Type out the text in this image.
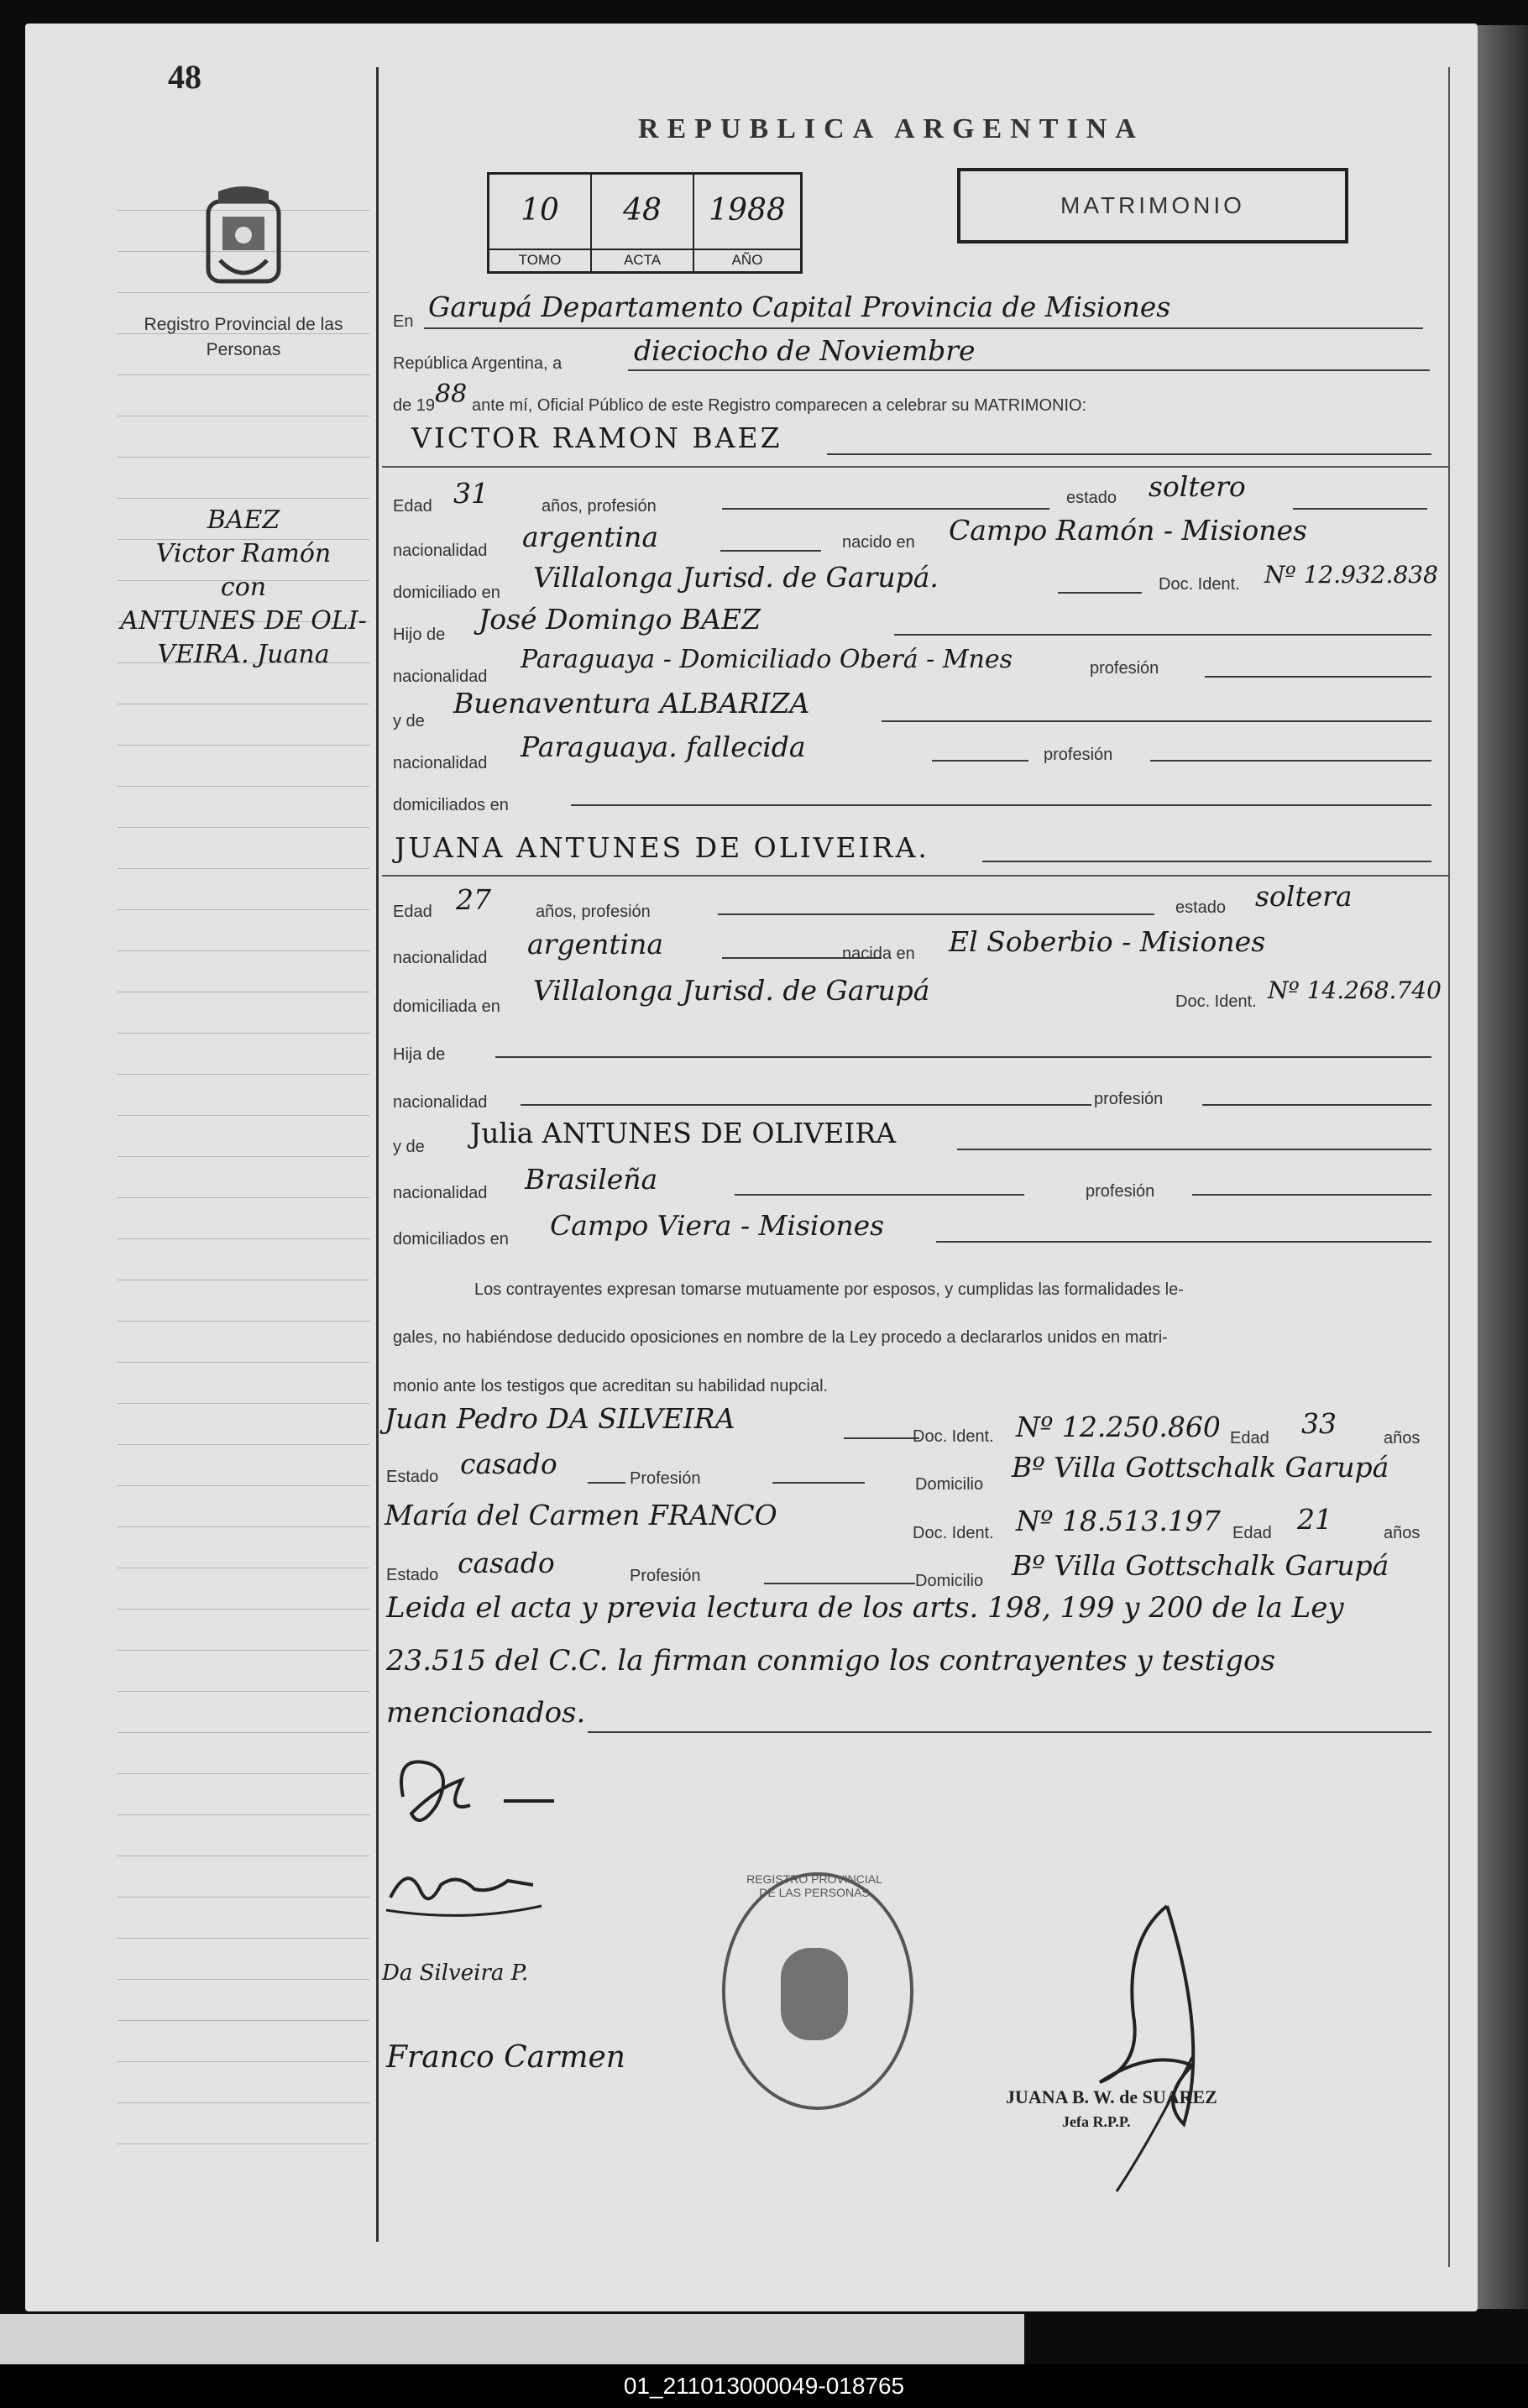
01_211013000049-018765
48
Registro Provincial de las Personas
BAEZ
Victor Ramón
con
ANTUNES DE OLI-
VEIRA. Juana
REPUBLICA ARGENTINA
10
TOMO
48
ACTA
1988
AÑO
MATRIMONIO
En Garupá Departamento Capital Provincia de Misiones
República Argentina, a	dieciocho de Noviembre
de 19 88 ante mí, Oficial Público de este Registro comparecen a celebrar su MATRIMONIO:
VICTOR RAMON BAEZ
Edad 31	años, profesión	estado soltero
nacionalidad argentina	nacido en Campo Ramón - Misiones
domiciliado en Villalonga Jurisd. de Garupá.	Doc. Ident. Nº 12.932.838
Hijo de José Domingo BAEZ
nacionalidad
Paraguaya - Domiciliado Oberá - Mnes	profesión
y de
Buenaventura ALBARIZA
nacionalidad Paraguaya. fallecida	profesión
domiciliados en
JUANA ANTUNES DE OLIVEIRA.
Edad 27	años, profesión	estado soltera
nacionalidad argentina	nacida en El Soberbio - Misiones
domiciliada en Villalonga Jurisd. de Garupá	Doc. Ident. Nº 14.268.740
Hija de
nacionalidad	profesión
y de Julia ANTUNES DE OLIVEIRA
nacionalidad Brasileña	profesión
domiciliados en Campo Viera - Misiones
Los contrayentes expresan tomarse mutuamente por esposos, y cumplidas las formalidades le-
gales, no habiéndose deducido oposiciones en nombre de la Ley procedo a declararlos unidos en matri-
monio ante los testigos que acreditan su habilidad nupcial.
Juan Pedro DA SILVEIRA
Doc. Ident. Nº 12.250.860 Edad 33	años
Estado casado	Profesión	Domicilio
Bº Villa Gottschalk Garupá
María del Carmen FRANCO
Doc. Ident. Nº 18.513.197 Edad 21	años
Estado casado	Profesión	Domicilio Bº Villa Gottschalk Garupá
Leida el acta y previa lectura de los arts. 198, 199 y 200 de la Ley
23.515 del C.C. la firman conmigo los contrayentes y testigos
mencionados.
Da Silveira P.
Franco Carmen
REGISTRO PROVINCIAL DE LAS PERSONAS
JUANA B. W. de SUAREZ
Jefa R.P.P.
